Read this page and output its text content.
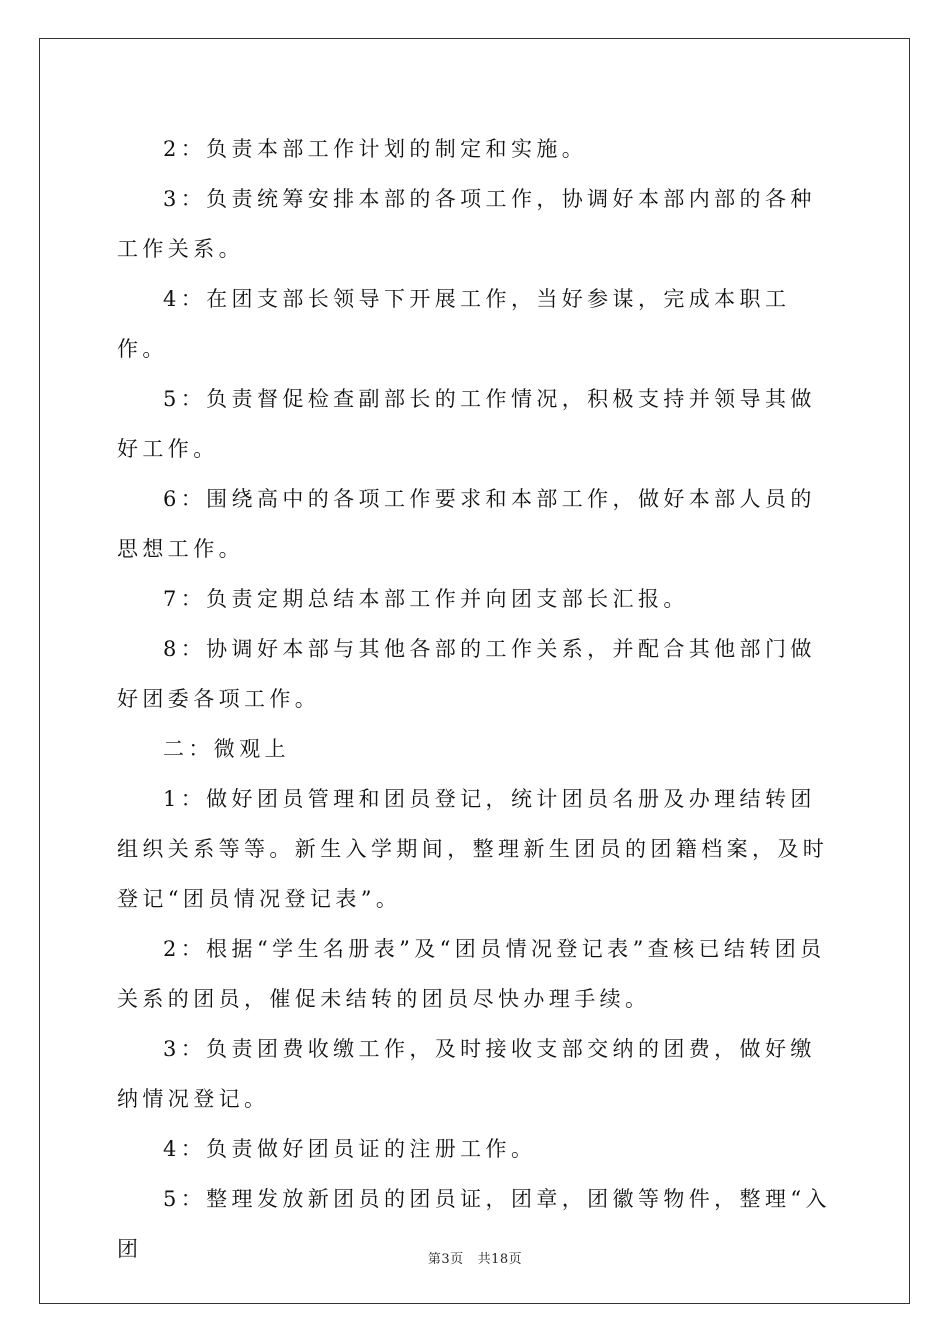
2：负责本部工作计划的制定和实施。

3：负责统筹安排本部的各项工作，协调好本部内部的各种工作关系。

4：在团支部长领导下开展工作，当好参谋，完成本职工作。

5：负责督促检查副部长的工作情况，积极支持并领导其做好工作。

6：围绕高中的各项工作要求和本部工作，做好本部人员的思想工作。

7：负责定期总结本部工作并向团支部长汇报。

8：协调好本部与其他各部的工作关系，并配合其他部门做好团委各项工作。

二：微观上

1：做好团员管理和团员登记，统计团员名册及办理结转团组织关系等等。新生入学期间，整理新生团员的团籍档案，及时登记“团员情况登记表”。

2：根据“学生名册表”及“团员情况登记表”查核已结转团员关系的团员，催促未结转的团员尽快办理手续。

3：负责团费收缴工作，及时接收支部交纳的团费，做好缴纳情况登记。

4：负责做好团员证的注册工作。

5：整理发放新团员的团员证，团章，团徽等物件，整理“入团	第3页 共18页
